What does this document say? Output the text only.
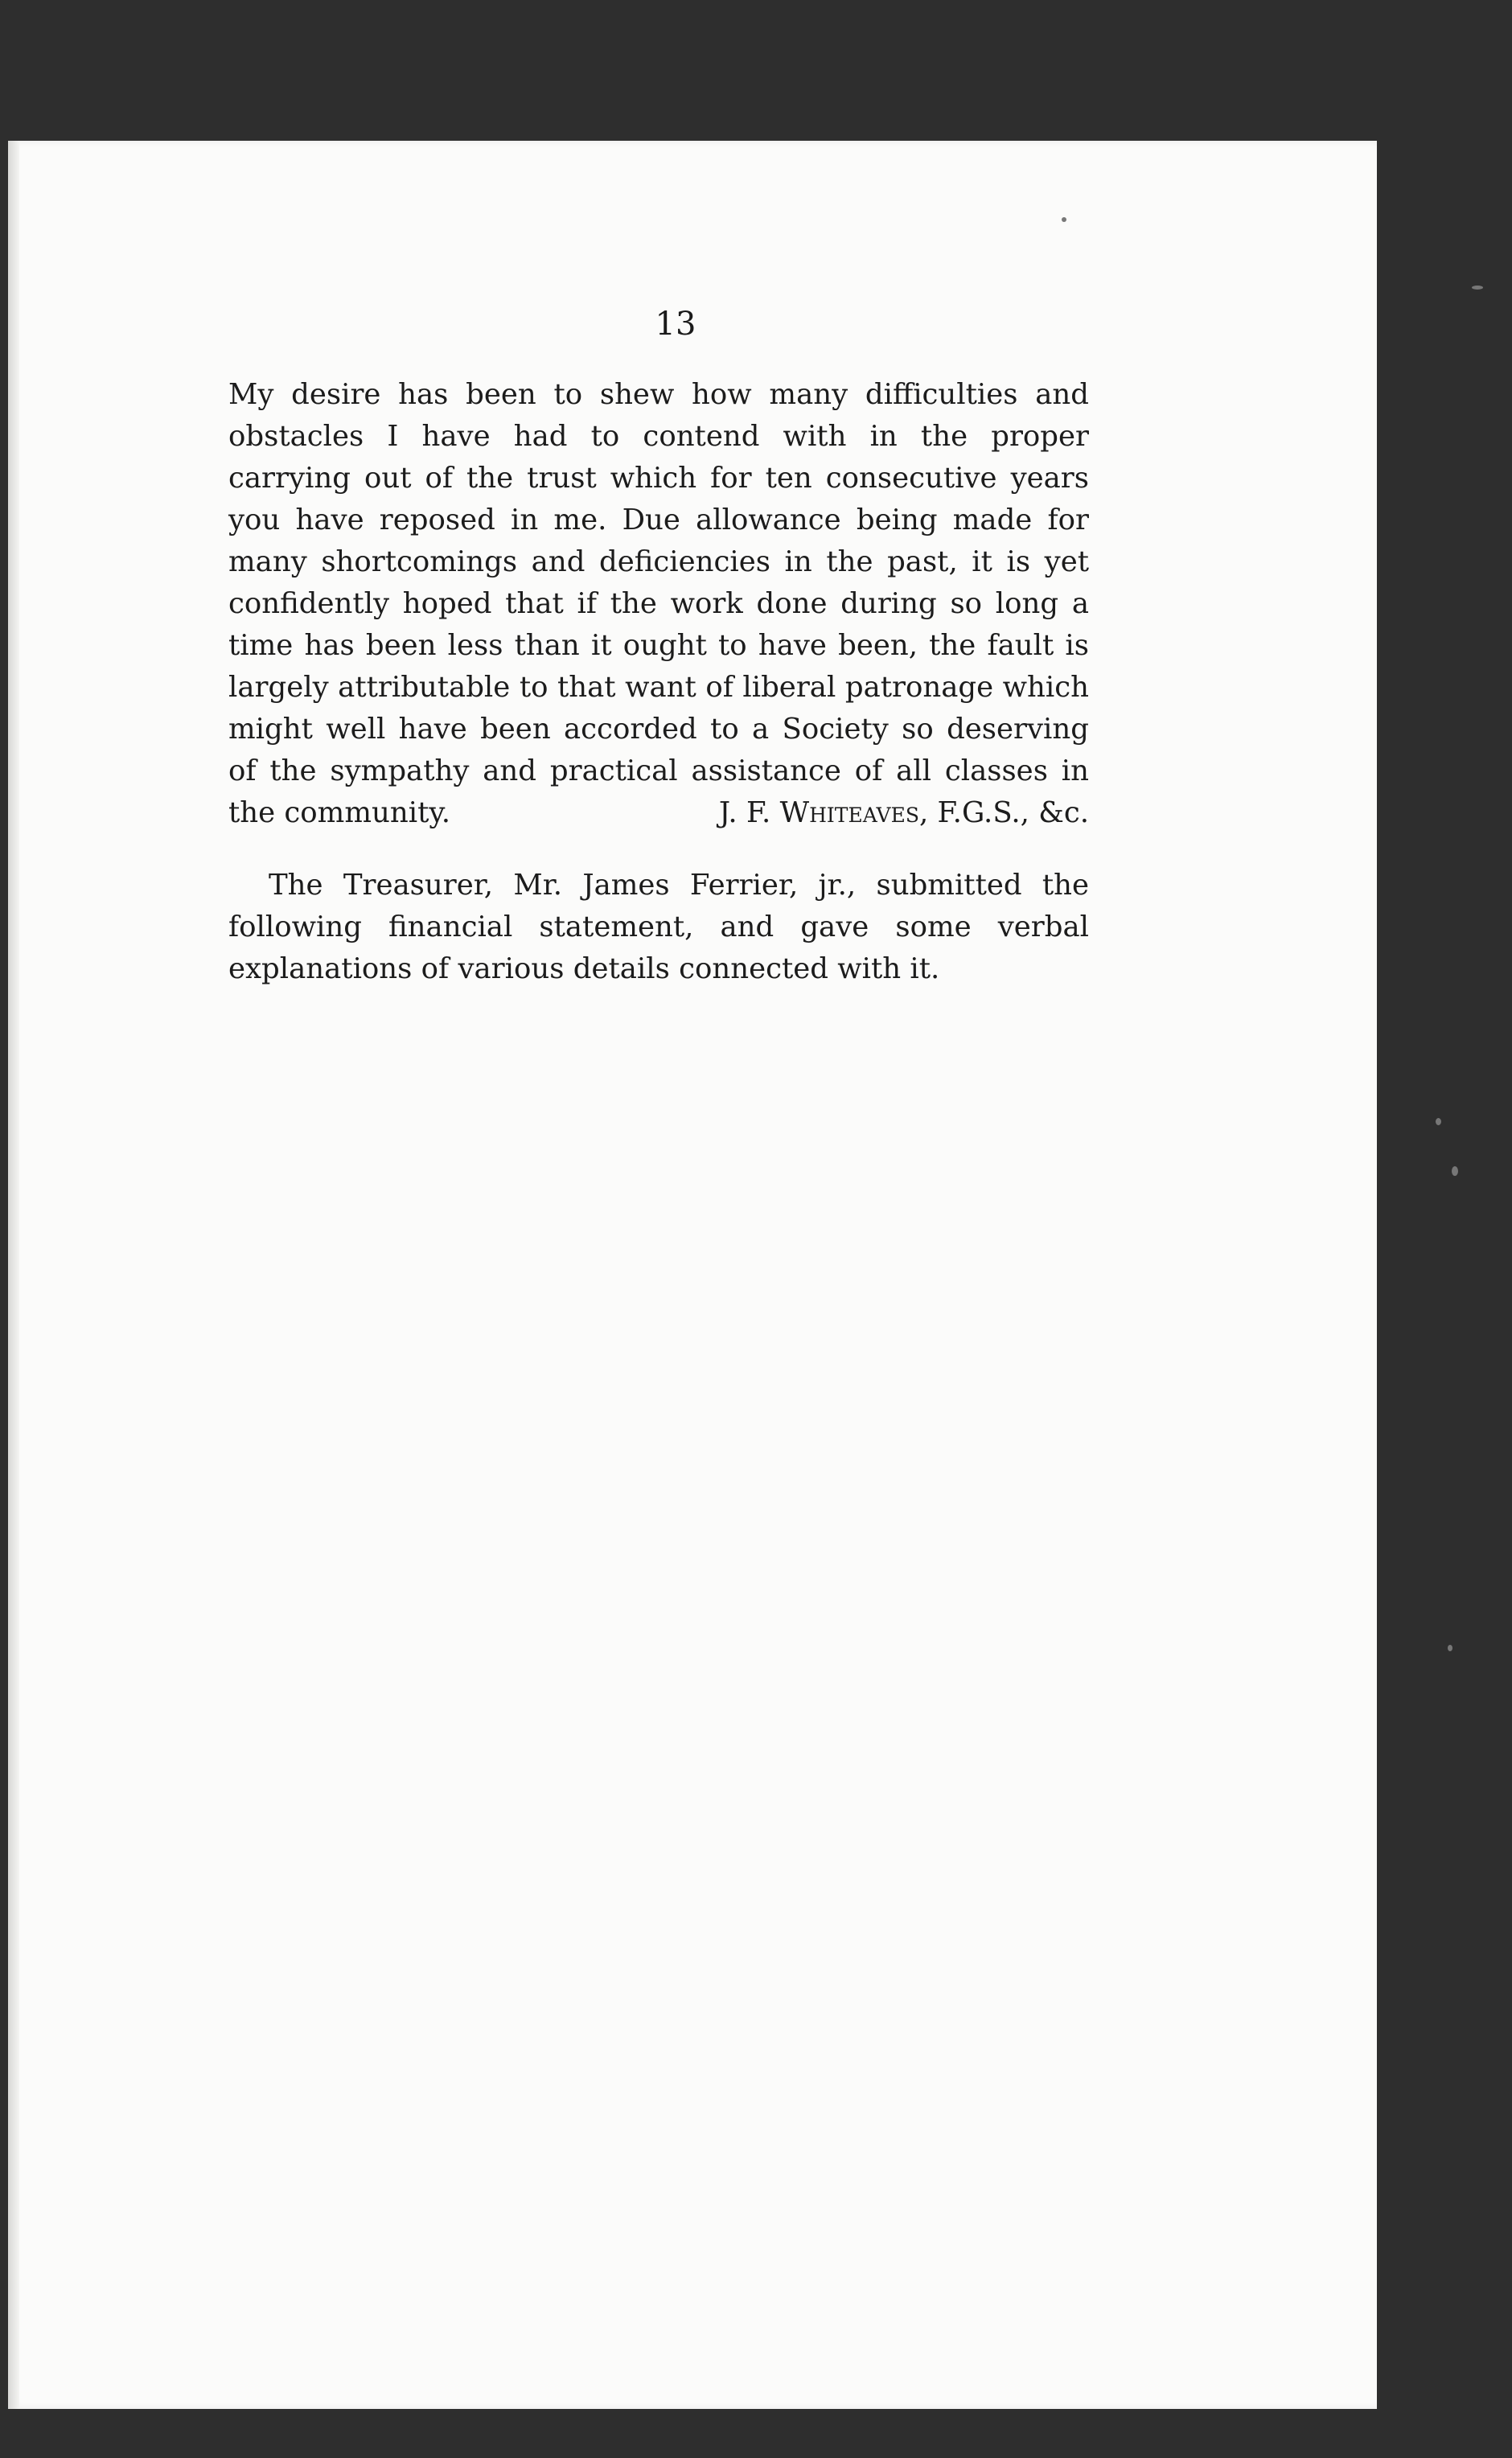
13

My desire has been to shew how many difficulties and obstacles I have had to contend with in the proper carrying out of the trust which for ten consecutive years you have reposed in me. Due allowance being made for many shortcomings and deficiencies in the past, it is yet confidently hoped that if the work done during so long a time has been less than it ought to have been, the fault is largely attributable to that want of liberal patronage which might well have been accorded to a Society so deserving of the sympathy and practical assistance of all classes in the community.	J. F. Whiteaves, F.G.S., &c.

The Treasurer, Mr. James Ferrier, jr., submitted the following financial statement, and gave some verbal explanations of various details connected with it.
